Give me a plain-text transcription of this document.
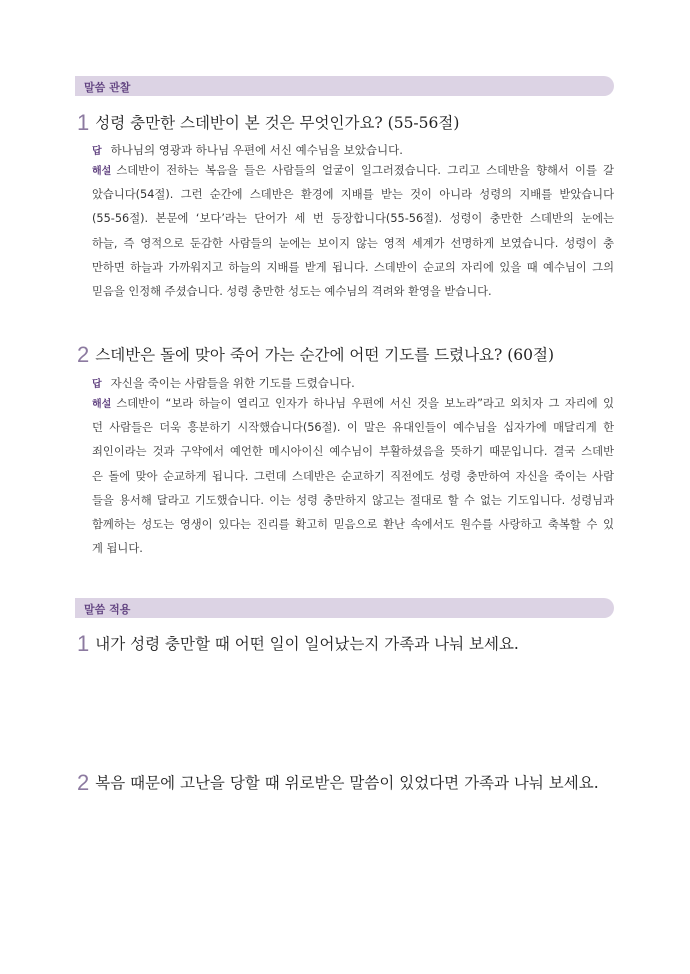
말씀 관찰
1 성령 충만한 스데반이 본 것은 무엇인가요? (55-56절)
답 하나님의 영광과 하나님 우편에 서신 예수님을 보았습니다.
해설 스데반이 전하는 복음을 들은 사람들의 얼굴이 일그러졌습니다. 그리고 스데반을 향해서 이를 갈
았습니다(54절). 그런 순간에 스데반은 환경에 지배를 받는 것이 아니라 성령의 지배를 받았습니다
(55-56절). 본문에 ‘보다’라는 단어가 세 번 등장합니다(55-56절). 성령이 충만한 스데반의 눈에는
하늘, 즉 영적으로 둔감한 사람들의 눈에는 보이지 않는 영적 세계가 선명하게 보였습니다. 성령이 충
만하면 하늘과 가까워지고 하늘의 지배를 받게 됩니다. 스데반이 순교의 자리에 있을 때 예수님이 그의
믿음을 인정해 주셨습니다. 성령 충만한 성도는 예수님의 격려와 환영을 받습니다.
2 스데반은 돌에 맞아 죽어 가는 순간에 어떤 기도를 드렸나요? (60절)
답 자신을 죽이는 사람들을 위한 기도를 드렸습니다.
해설 스데반이 “보라 하늘이 열리고 인자가 하나님 우편에 서신 것을 보노라”라고 외치자 그 자리에 있
던 사람들은 더욱 흥분하기 시작했습니다(56절). 이 말은 유대인들이 예수님을 십자가에 매달리게 한
죄인이라는 것과 구약에서 예언한 메시아이신 예수님이 부활하셨음을 뜻하기 때문입니다. 결국 스데반
은 돌에 맞아 순교하게 됩니다. 그런데 스데반은 순교하기 직전에도 성령 충만하여 자신을 죽이는 사람
들을 용서해 달라고 기도했습니다. 이는 성령 충만하지 않고는 절대로 할 수 없는 기도입니다. 성령님과
함께하는 성도는 영생이 있다는 진리를 확고히 믿음으로 환난 속에서도 원수를 사랑하고 축복할 수 있
게 됩니다.
말씀 적용
1 내가 성령 충만할 때 어떤 일이 일어났는지 가족과 나눠 보세요.
2 복음 때문에 고난을 당할 때 위로받은 말씀이 있었다면 가족과 나눠 보세요.
